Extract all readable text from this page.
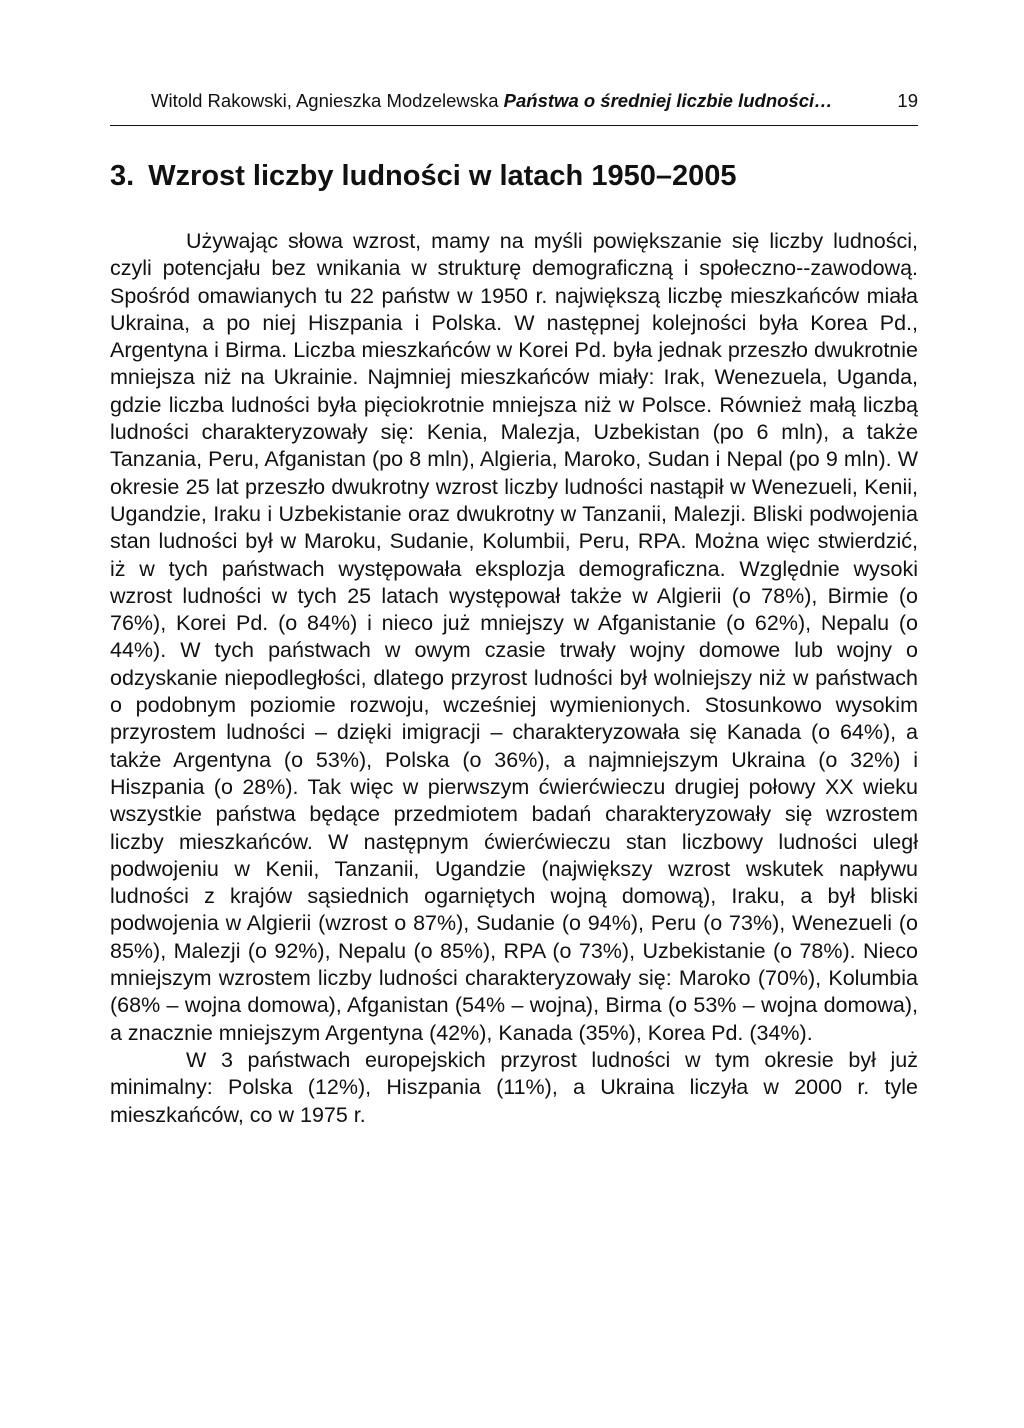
Witold Rakowski, Agnieszka Modzelewska Państwa o średniej liczbie ludności…	19
3. Wzrost liczby ludności w latach 1950–2005

Używając słowa wzrost, mamy na myśli powiększanie się liczby ludności, czyli potencjału bez wnikania w strukturę demograficzną i społeczno--zawodową. Spośród omawianych tu 22 państw w 1950 r. największą liczbę mieszkańców miała Ukraina, a po niej Hiszpania i Polska. W następnej kolejności była Korea Pd., Argentyna i Birma. Liczba mieszkańców w Korei Pd. była jednak przeszło dwukrotnie mniejsza niż na Ukrainie. Najmniej mieszkańców miały: Irak, Wenezuela, Uganda, gdzie liczba ludności była pięciokrotnie mniejsza niż w Polsce. Również małą liczbą ludności charakteryzowały się: Kenia, Malezja, Uzbekistan (po 6 mln), a także Tanzania, Peru, Afganistan (po 8 mln), Algieria, Maroko, Sudan i Nepal (po 9 mln). W okresie 25 lat przeszło dwukrotny wzrost liczby ludności nastąpił w Wenezueli, Kenii, Ugandzie, Iraku i Uzbekistanie oraz dwukrotny w Tanzanii, Malezji. Bliski podwojenia stan ludności był w Maroku, Sudanie, Kolumbii, Peru, RPA. Można więc stwierdzić, iż w tych państwach występowała eksplozja demograficzna. Względnie wysoki wzrost ludności w tych 25 latach występował także w Algierii (o 78%), Birmie (o 76%), Korei Pd. (o 84%) i nieco już mniejszy w Afganistanie (o 62%), Nepalu (o 44%). W tych państwach w owym czasie trwały wojny domowe lub wojny o odzyskanie niepodległości, dlatego przyrost ludności był wolniejszy niż w państwach o podobnym poziomie rozwoju, wcześniej wymienionych. Stosunkowo wysokim przyrostem ludności – dzięki imigracji – charakteryzowała się Kanada (o 64%), a także Argentyna (o 53%), Polska (o 36%), a najmniejszym Ukraina (o 32%) i Hiszpania (o 28%). Tak więc w pierwszym ćwierćwieczu drugiej połowy XX wieku wszystkie państwa będące przedmiotem badań charakteryzowały się wzrostem liczby mieszkańców. W następnym ćwierćwieczu stan liczbowy ludności uległ podwojeniu w Kenii, Tanzanii, Ugandzie (największy wzrost wskutek napływu ludności z krajów sąsiednich ogarniętych wojną domową), Iraku, a był bliski podwojenia w Algierii (wzrost o 87%), Sudanie (o 94%), Peru (o 73%), Wenezueli (o 85%), Malezji (o 92%), Nepalu (o 85%), RPA (o 73%), Uzbekistanie (o 78%). Nieco mniejszym wzrostem liczby ludności charakteryzowały się: Maroko (70%), Kolumbia (68% – wojna domowa), Afganistan (54% – wojna), Birma (o 53% – wojna domowa), a znacznie mniejszym Argentyna (42%), Kanada (35%), Korea Pd. (34%).

W 3 państwach europejskich przyrost ludności w tym okresie był już minimalny: Polska (12%), Hiszpania (11%), a Ukraina liczyła w 2000 r. tyle mieszkańców, co w 1975 r.
